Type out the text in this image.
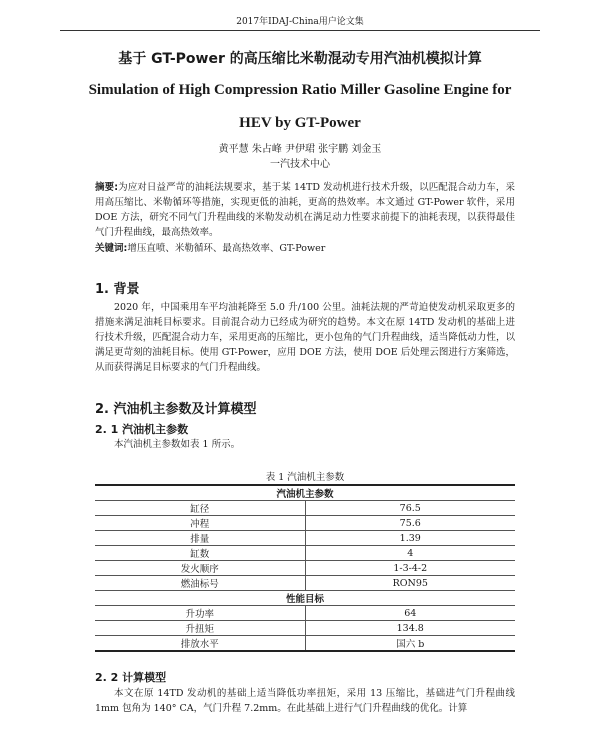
2017年IDAJ-China用户论文集
基于 GT-Power 的高压缩比米勒混动专用汽油机模拟计算
Simulation of High Compression Ratio Miller Gasoline Engine for
HEV by GT-Power
黄平慧 朱占峰 尹伊珺 张宇鹏 刘金玉
一汽技术中心
摘要:为应对日益严苛的油耗法规要求，基于某 14TD 发动机进行技术升级，以匹配混合动力车，采用高压缩比、米勒循环等措施，实现更低的油耗，更高的热效率。本文通过 GT-Power 软件，采用 DOE 方法，研究不同气门升程曲线的米勒发动机在满足动力性要求前提下的油耗表现，以获得最佳气门升程曲线，最高热效率。
关键词:增压直喷、米勒循环、最高热效率、GT-Power
1. 背景
2020 年，中国乘用车平均油耗降至 5.0 升/100 公里。油耗法规的严苛迫使发动机采取更多的措施来满足油耗目标要求。目前混合动力已经成为研究的趋势。本文在原 14TD 发动机的基础上进行技术升级，匹配混合动力车，采用更高的压缩比，更小包角的气门升程曲线，适当降低动力性，以满足更苛刻的油耗目标。使用 GT-Power，应用 DOE 方法，使用 DOE 后处理云图进行方案筛选，从而获得满足目标要求的气门升程曲线。
2. 汽油机主参数及计算模型
2. 1 汽油机主参数
本汽油机主参数如表 1 所示。
表 1 汽油机主参数
汽油机主参数	
缸径	76.5
冲程	75.6
排量	1.39
缸数	4
发火顺序	1-3-4-2
燃油标号	RON95
性能目标	
升功率	64
升扭矩	134.8
排放水平	国六 b
2. 2 计算模型
本文在原 14TD 发动机的基础上适当降低功率扭矩，采用 13 压缩比，基础进气门升程曲线 1mm 包角为 140° CA，气门升程 7.2mm。在此基础上进行气门升程曲线的优化。计算
